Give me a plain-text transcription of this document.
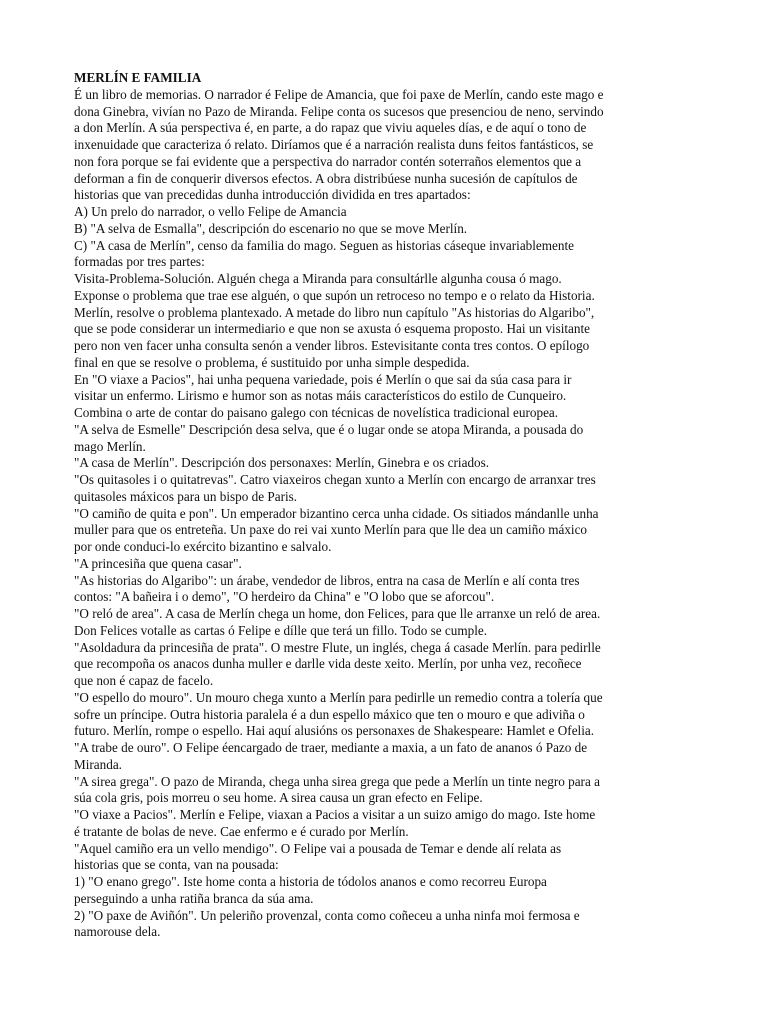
MERLÍN E FAMILIA
É un libro de memorias. O narrador é Felipe de Amancia, que foi paxe de Merlín, cando este mago e
dona Ginebra, vivían no Pazo de Miranda. Felipe conta os sucesos que presenciou de neno, servindo
a don Merlín. A súa perspectiva é, en parte, a do rapaz que viviu aqueles días, e de aquí o tono de
inxenuidade que caracteriza ó relato. Diríamos que é a narración realista duns feitos fantásticos, se
non fora porque se fai evidente que a perspectiva do narrador contén soterraños elementos que a
deforman a fin de conquerir diversos efectos. A obra distribúese nunha sucesión de capítulos de
historias que van precedidas dunha introducción dividida en tres apartados:
A) Un prelo do narrador, o vello Felipe de Amancia
B) "A selva de Esmalla", descripción do escenario no que se move Merlín.
C) "A casa de Merlín", censo da familia do mago. Seguen as historias cáseque invariablemente
formadas por tres partes:
Visita-Problema-Solución. Alguén chega a Miranda para consultárlle algunha cousa ó mago.
Exponse o problema que trae ese alguén, o que supón un retroceso no tempo e o relato da Historia.
Merlín, resolve o problema plantexado. A metade do libro nun capítulo "As historias do Algaribo",
que se pode considerar un intermediario e que non se axusta ó esquema proposto. Hai un visitante
pero non ven facer unha consulta senón a vender libros. Estevisitante conta tres contos. O epílogo
final en que se resolve o problema, é sustituido por unha simple despedida.
En "O viaxe a Pacios", hai unha pequena variedade, pois é Merlín o que sai da súa casa para ir
visitar un enfermo. Lirismo e humor son as notas máis característicos do estilo de Cunqueiro.
Combina o arte de contar do paisano galego con técnicas de novelística tradicional europea.
"A selva de Esmelle" Descripción desa selva, que é o lugar onde se atopa Miranda, a pousada do
mago Merlín.
"A casa de Merlín". Descripción dos personaxes: Merlín, Ginebra e os criados.
"Os quitasoles i o quitatrevas". Catro viaxeiros chegan xunto a Merlín con encargo de arranxar tres
quitasoles máxicos para un bispo de Paris.
"O camiño de quita e pon". Un emperador bizantino cerca unha cidade. Os sitiados mándanlle unha
muller para que os entreteña. Un paxe do rei vai xunto Merlín para que lle dea un camiño máxico
por onde conduci-lo exército bizantino e salvalo.
"A princesiña que quena casar".
"As historias do Algaribo": un árabe, vendedor de libros, entra na casa de Merlín e alí conta tres
contos: "A bañeira i o demo", "O herdeiro da China" e "O lobo que se aforcou".
"O reló de area". A casa de Merlín chega un home, don Felices, para que lle arranxe un reló de area.
Don Felices votalle as cartas ó Felipe e dílle que terá un fillo. Todo se cumple.
"Asoldadura da princesiña de prata". O mestre Flute, un inglés, chega á casade Merlín. para pedirlle
que recompoña os anacos dunha muller e darlle vida deste xeito. Merlín, por unha vez, recoñece
que non é capaz de facelo.
"O espello do mouro". Un mouro chega xunto a Merlín para pedirlle un remedio contra a tolería que
sofre un príncipe. Outra historia paralela é a dun espello máxico que ten o mouro e que adiviña o
futuro. Merlín, rompe o espello. Hai aquí alusións os personaxes de Shakespeare: Hamlet e Ofelia.
"A trabe de ouro". O Felipe éencargado de traer, mediante a maxia, a un fato de ananos ó Pazo de
Miranda.
"A sirea grega". O pazo de Miranda, chega unha sirea grega que pede a Merlín un tinte negro para a
súa cola gris, pois morreu o seu home. A sirea causa un gran efecto en Felipe.
"O viaxe a Pacios". Merlín e Felipe, viaxan a Pacios a visitar a un suizo amigo do mago. Iste home
é tratante de bolas de neve. Cae enfermo e é curado por Merlín.
"Aquel camiño era un vello mendigo". O Felipe vai a pousada de Temar e dende alí relata as
historias que se conta, van na pousada:
1) "O enano grego". Iste home conta a historia de tódolos ananos e como recorreu Europa
perseguindo a unha ratiña branca da súa ama.
2) "O paxe de Aviñón". Un peleriño provenzal, conta como coñeceu a unha ninfa moi fermosa e
namorouse dela.
